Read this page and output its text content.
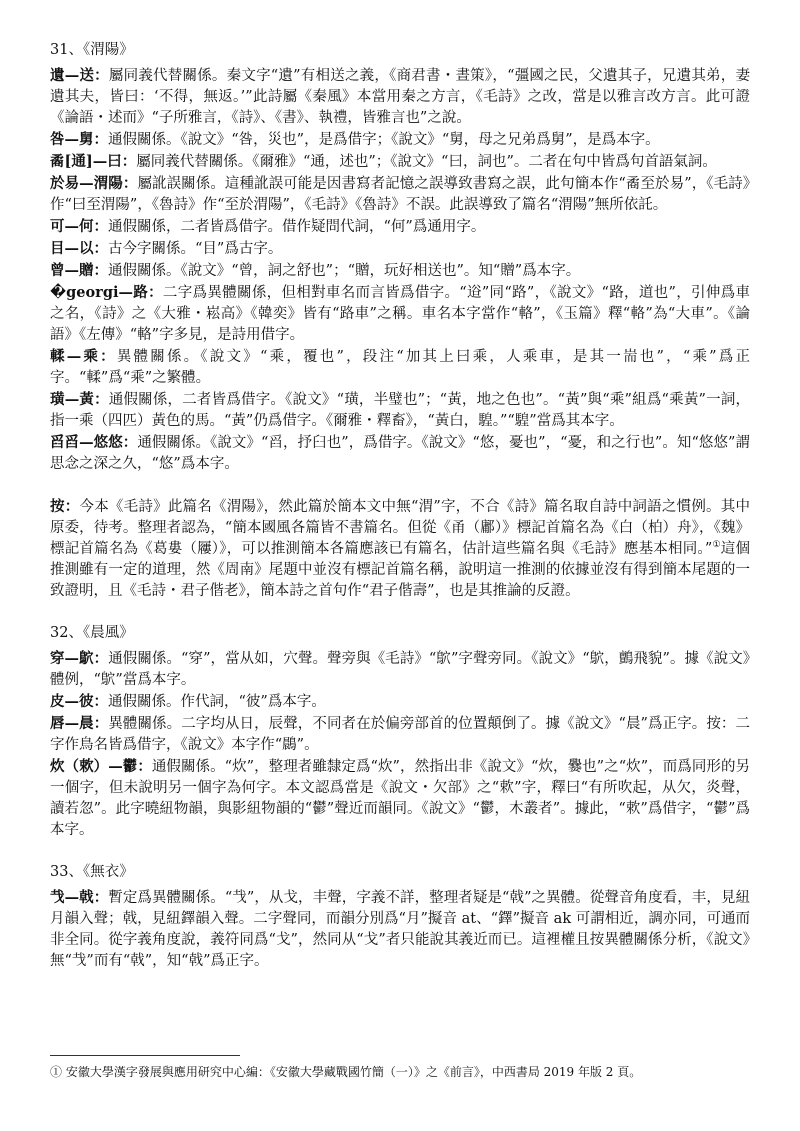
31、《渭陽》

遺—送：屬同義代替關係。秦文字“遺”有相送之義，《商君書・晝策》，“彊國之民，父遺其子，兄遺其弟，妻遺其夫，皆曰：‘不得，無返。’”此詩屬《秦風》本當用秦之方言，《毛詩》之改，當是以雅言改方言。此可證《論語・述而》“子所雅言，《詩》、《書》、執禮，皆雅言也”之說。

咎—舅：通假關係。《說文》“咎，災也”，是爲借字；《說文》“舅，母之兄弟爲舅”，是爲本字。

矞[通]—曰：屬同義代替關係。《爾雅》“通，述也”；《說文》“曰，詞也”。二者在句中皆爲句首語氣詞。

於易—渭陽：屬訛誤關係。這種訛誤可能是因書寫者記憶之誤導致書寫之誤，此句簡本作“矞至於易”，《毛詩》作“曰至渭陽”，《魯詩》作“至於渭陽”，《毛詩》《魯詩》不誤。此誤導致了篇名“渭陽”無所依託。

可—何：通假關係，二者皆爲借字。借作疑問代詞，“何”爲通用字。

目—以：古今字關係。“目”爲古字。

曾—贈：通假關係。《說文》“曾，詞之舒也”；“贈，玩好相送也”。知“贈”爲本字。

�georgi—路：二字爲異體關係，但相對車名而言皆爲借字。“逧”同“路”，《說文》“路，道也”，引伸爲車之名，《詩》之《大雅・崧高》《韓奕》皆有“路車”之稱。車名本字當作“輅”，《玉篇》釋“輅”為“大車”。《論語》《左傳》“輅”字多見，是詩用借字。

輮—乘：異體關係。《說文》“乘，覆也”，段注“加其上曰乘，人乘車，是其一耑也”，“乘”爲正字。“輮”爲“乘”之繁體。

璜—黃：通假關係，二者皆爲借字。《說文》“璜，半璧也”；“黃，地之色也”。“黃”與“乘”組爲“乘黃”一詞，指一乘（四匹）黃色的馬。“黃”仍爲借字。《爾雅・釋畜》，“黃白，騜。”“騜”當爲其本字。

舀舀—悠悠：通假關係。《說文》“舀，抒臼也”，爲借字。《說文》“悠，憂也”，“憂，和之行也”。知“悠悠”謂思念之深之久，“悠”爲本字。

按：今本《毛詩》此篇名《渭陽》，然此篇於簡本文中無“渭”字，不合《詩》篇名取自詩中詞語之慣例。其中原委，待考。整理者認為，“簡本國風各篇皆不書篇名。但從《甬（鄘）》標記首篇名為《白（柏）舟》，《魏》標記首篇名為《葛婁（屨）》，可以推測簡本各篇應該已有篇名，估計這些篇名與《毛詩》應基本相同。”①這個推測雖有一定的道理，然《周南》尾題中並沒有標記首篇名稱，說明這一推測的依據並沒有得到簡本尾題的一致證明，且《毛詩・君子偕老》，簡本詩之首句作“君子偕壽”，也是其推論的反證。

32、《晨風》

穿—鴥：通假關係。“穿”，當从如，穴聲。聲旁與《毛詩》“鴥”字聲旁同。《說文》“鴥，鸇飛貌”。據《說文》體例，“鴥”當爲本字。

皮—彼：通假關係。作代詞，“彼”爲本字。

唇—晨：異體關係。二字均从日，辰聲，不同者在於偏旁部首的位置顛倒了。據《說文》“晨”爲正字。按：二字作鳥名皆爲借字，《說文》本字作“鷐”。

炊（欶）—鬱：通假關係。“炊”，整理者雖隸定爲“炊”，然指出非《說文》“炊，爨也”之“炊”，而爲同形的另一個字，但未說明另一個字為何字。本文認爲當是《說文・欠部》之“欶”字，釋曰“有所吹起，从欠，炎聲，讀若忽”。此字曉紐物韻，與影紐物韻的“鬱”聲近而韻同。《說文》“鬱，木叢者”。據此，“欶”爲借字，“鬱”爲本字。

33、《無衣》

𢦏—戟：暫定爲異體關係。“𢦏”，从戈，丰聲，字義不詳，整理者疑是“戟”之異體。從聲音角度看，丰，見紐月韻入聲；戟，見紐鐸韻入聲。二字聲同，而韻分別爲“月”擬音 at、“鐸”擬音 ak 可謂相近，調亦同，可通而非全同。從字義角度說，義符同爲“戈”，然同从“戈”者只能說其義近而已。這裡權且按異體關係分析，《說文》無“𢦏”而有“戟”，知“戟”爲正字。

① 安徽大學漢字發展與應用研究中心編：《安徽大學藏戰國竹簡（一）》之《前言》，中西書局 2019 年版 2 頁。
